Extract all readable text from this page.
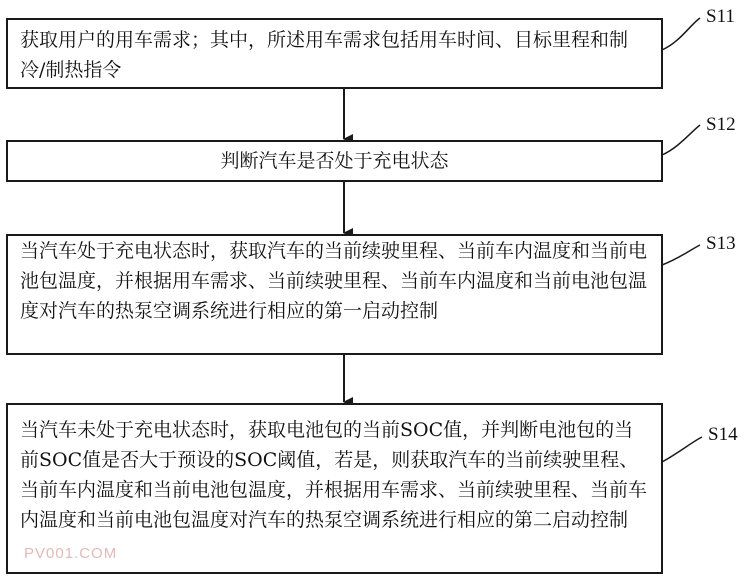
获取用户的用车需求；其中，所述用车需求包括用车时间、目标里程和制冷/制热指令
S11
判断汽车是否处于充电状态
S12
当汽车处于充电状态时，获取汽车的当前续驶里程、当前车内温度和当前电池包温度，并根据用车需求、当前续驶里程、当前车内温度和当前电池包温度对汽车的热泵空调系统进行相应的第一启动控制
S13
当汽车未处于充电状态时，获取电池包的当前SOC值，并判断电池包的当前SOC值是否大于预设的SOC阈值，若是，则获取汽车的当前续驶里程、当前车内温度和当前电池包温度，并根据用车需求、当前续驶里程、当前车内温度和当前电池包温度对汽车的热泵空调系统进行相应的第二启动控制
S14
PV001.COM
